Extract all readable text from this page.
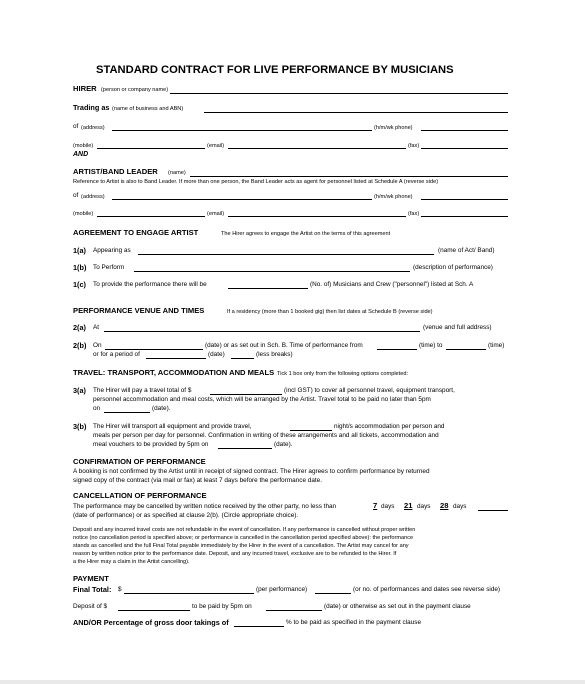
STANDARD CONTRACT FOR LIVE PERFORMANCE BY MUSICIANS
HIRER (person or company name)
Trading as (name of business and ABN)
of (address)	(h/m/wk phone)
(mobile)	(email)	(fax)
AND
ARTIST/BAND LEADER (name)
Reference to Artist is also to Band Leader. If more than one person, the Band Leader acts as agent for personnel listed at Schedule A (reverse side)
of (address)	(h/m/wk phone)
(mobile)	(email)	(fax)
AGREEMENT TO ENGAGE ARTIST	The Hirer agrees to engage the Artist on the terms of this agreement
1(a) Appearing as	(name of Act/ Band)
1(b) To Perform	(description of performance)
1(c) To provide the performance there will be	(No. of) Musicians and Crew ("personnel") listed at Sch. A
PERFORMANCE VENUE AND TIMES	If a residency (more than 1 booked gig) then list dates at Schedule B (reverse side)
2(a) At	(venue and full address)
2(b) On	(date) or as set out in Sch. B. Time of performance from	(time) to	(time)
or for a period of	(date)	(less breaks)
TRAVEL: TRANSPORT, ACCOMMODATION AND MEALS Tick 1 box only from the following options completed:
3(a) The Hirer will pay a travel total of $	(incl GST) to cover all personnel travel, equipment transport,
personnel accommodation and meal costs, which will be arranged by the Artist. Travel total to be paid no later than 5pm
on	(date).
3(b) The Hirer will transport all equipment and provide travel,	night/s accommodation per person and
meals per person per day for personnel. Confirmation in writing of these arrangements and all tickets, accommodation and
meal vouchers to be provided by 5pm on	(date).
CONFIRMATION OF PERFORMANCE
A booking is not confirmed by the Artist until in receipt of signed contract. The Hirer agrees to confirm performance by returned
signed copy of the contract (via mail or fax) at least 7 days before the performance date.
CANCELLATION OF PERFORMANCE
The performance may be cancelled by written notice received by the other party, no less than	7 days 21 days 28 days
(date of performance) or as specified at clause 2(b). (Circle appropriate choice).
Deposit and any incurred travel costs are not refundable in the event of cancellation. If any performance is cancelled without proper written
notice (no cancellation period is specified above; or performance is cancelled in the cancellation period specified above): the performance
stands as cancelled and the full Final Total payable immediately by the Hirer in the event of a cancellation. The Artist may cancel for any
reason by written notice prior to the performance date. Deposit, and any incurred travel, exclusive are to be refunded to the Hirer. If
a the Hirer may a claim in the Artist cancelling).
PAYMENT
Final Total: $	(per performance)	(or no. of performances and dates see reverse side)
Deposit of $	to be paid by 5pm on	(date) or otherwise as set out in the payment clause
AND/OR Percentage of gross door takings of	% to be paid as specified in the payment clause
